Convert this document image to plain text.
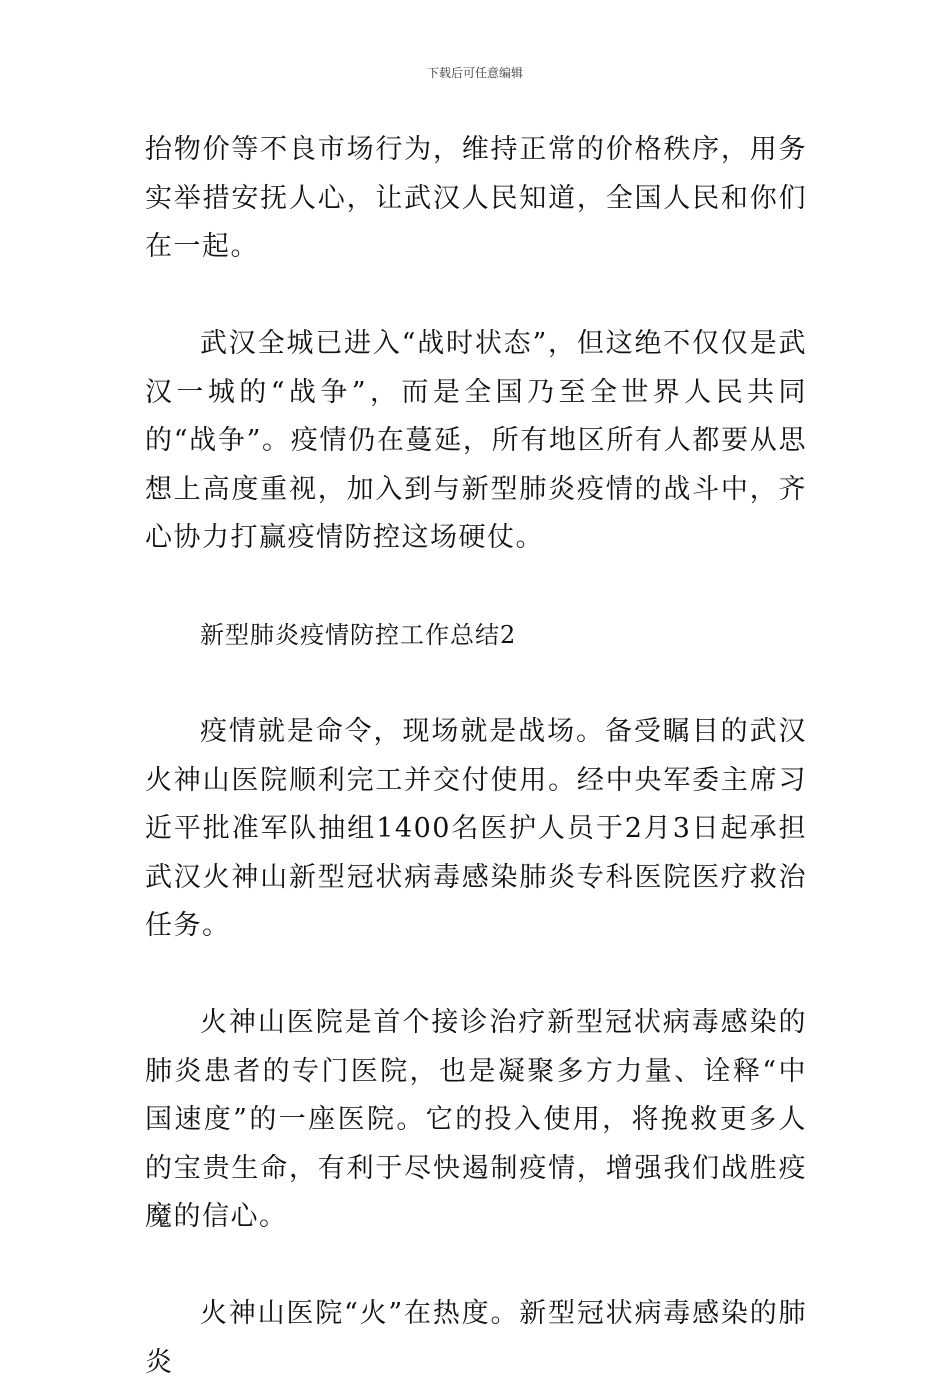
下载后可任意编辑

抬物价等不良市场行为，维持正常的价格秩序，用务实举措安抚人心，让武汉人民知道，全国人民和你们在一起。

武汉全城已进入“战时状态”，但这绝不仅仅是武汉一城的“战争”，而是全国乃至全世界人民共同的“战争”。疫情仍在蔓延，所有地区所有人都要从思想上高度重视，加入到与新型肺炎疫情的战斗中，齐心协力打赢疫情防控这场硬仗。

新型肺炎疫情防控工作总结2

疫情就是命令，现场就是战场。备受瞩目的武汉火神山医院顺利完工并交付使用。经中央军委主席习近平批准军队抽组1400名医护人员于2月3日起承担武汉火神山新型冠状病毒感染肺炎专科医院医疗救治任务。

火神山医院是首个接诊治疗新型冠状病毒感染的肺炎患者的专门医院，也是凝聚多方力量、诠释“中国速度”的一座医院。它的投入使用，将挽救更多人的宝贵生命，有利于尽快遏制疫情，增强我们战胜疫魔的信心。

火神山医院“火”在热度。新型冠状病毒感染的肺炎
